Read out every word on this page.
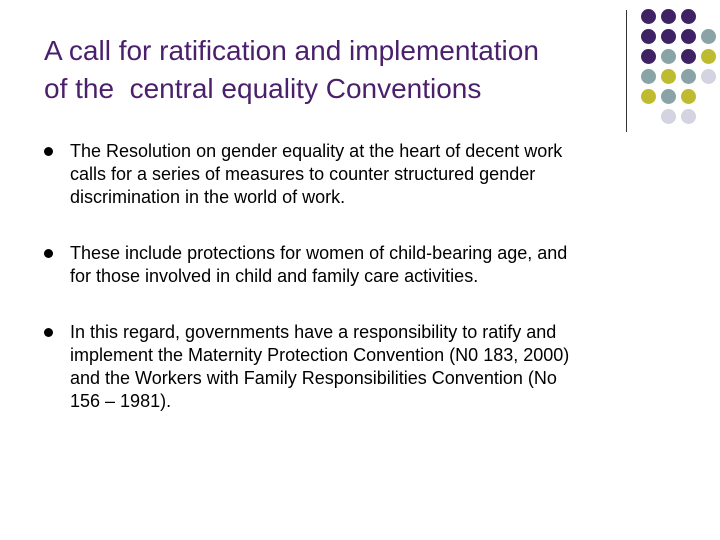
A call for ratification and implementation
of the  central equality Conventions
The Resolution on gender equality at the heart of decent work
calls for a series of measures to counter structured gender
discrimination in the world of work.
These include protections for women of child-bearing age, and
for those involved in child and family care activities.
In this regard, governments have a responsibility to ratify and
implement the Maternity Protection Convention (N0 183, 2000)
and the Workers with Family Responsibilities Convention (No
156 – 1981).
